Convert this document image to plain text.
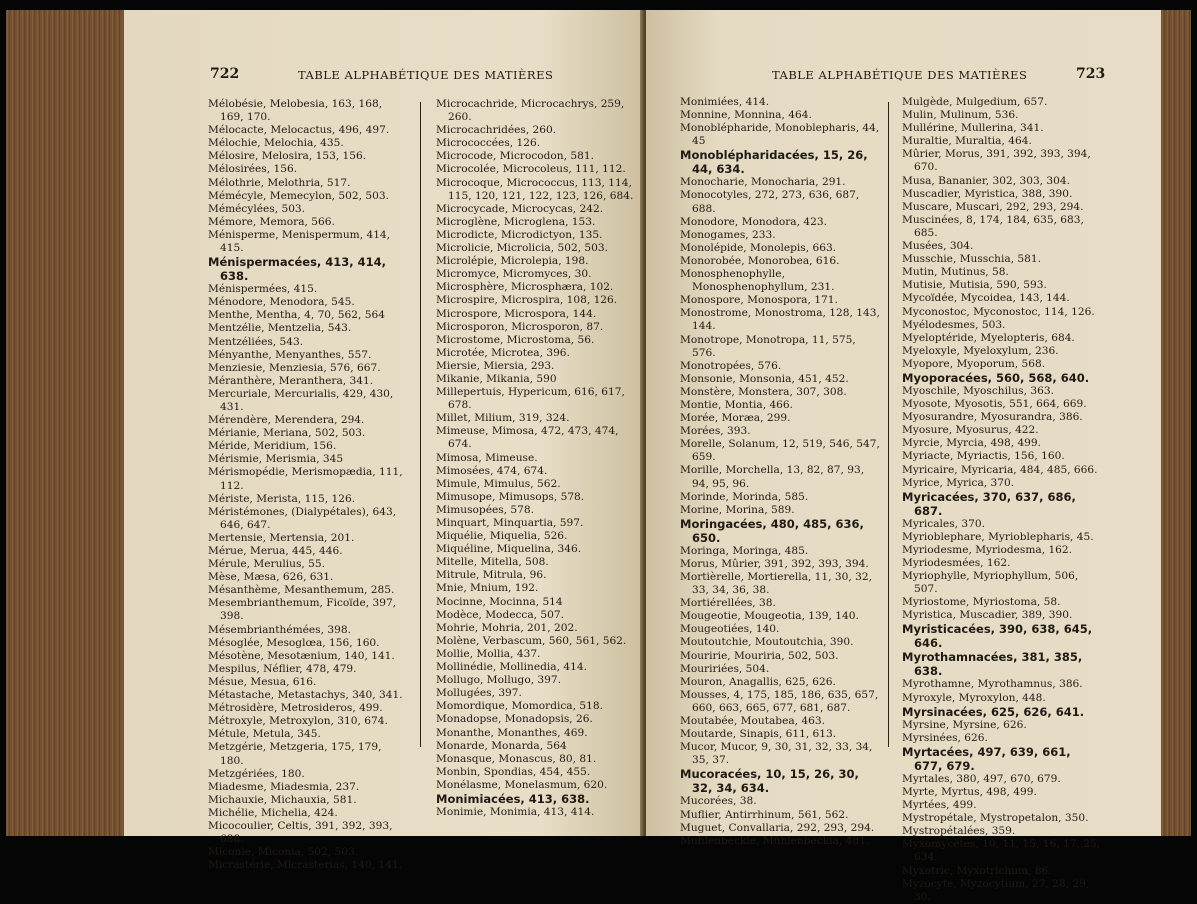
722	TABLE ALPHABÉTIQUE DES MATIÈRES
Mélobésie, Melobesia, 163, 168, 169, 170.
Mélocacte, Melocactus, 496, 497.
Mélochie, Melochia, 435.
Mélosire, Melosira, 153, 156.
Mélosirées, 156.
Mélothrie, Melothria, 517.
Mémécyle, Memecylon, 502, 503.
Mémécylées, 503.
Mémore, Memora, 566.
Ménisperme, Menispermum, 414, 415.
Ménispermacées, 413, 414, 638.
Ménispermées, 415.
Ménodore, Menodora, 545.
Menthe, Mentha, 4, 70, 562, 564
Mentzélie, Mentzelia, 543.
Mentzéliées, 543.
Ményanthe, Menyanthes, 557.
Menziesie, Menziesia, 576, 667.
Méranthère, Meranthera, 341.
Mercuriale, Mercurialis, 429, 430, 431.
Mérendère, Merendera, 294.
Mérianie, Meriana, 502, 503.
Méride, Meridium, 156.
Mérismie, Merismia, 345
Mérismopédie, Merismopædia, 111, 112.
Mériste, Merista, 115, 126.
Méristémones, (Dialypétales), 643, 646, 647.
Mertensie, Mertensia, 201.
Mérue, Merua, 445, 446.
Mérule, Merulius, 55.
Mèse, Mæsa, 626, 631.
Mésanthème, Mesanthemum, 285.
Mesembrianthemum, Ficoïde, 397, 398.
Mésembrianthémées, 398.
Mésoglée, Mesoglœa, 156, 160.
Mésotène, Mesotænium, 140, 141.
Mespilus, Néflier, 478, 479.
Mésue, Mesua, 616.
Métastache, Metastachys, 340, 341.
Métrosidère, Metrosideros, 499.
Métroxyle, Metroxylon, 310, 674.
Métule, Metula, 345.
Metzgérie, Metzgeria, 175, 179, 180.
Metzgériées, 180.
Miadesme, Miadesmia, 237.
Michauxie, Michauxia, 581.
Michélie, Michelia, 424.
Micocoulier, Celtis, 391, 392, 393, 688.
Miconie, Miconia, 502, 503.
Micrastérie, Micrasterias, 140, 141.
Microcachride, Microcachrys, 259, 260.
Microcachridées, 260.
Micrococcées, 126.
Microcode, Microcodon, 581.
Microcolée, Microcoleus, 111, 112.
Microcoque, Micrococcus, 113, 114, 115, 120, 121, 122, 123, 126, 684.
Microcycade, Microcycas, 242.
Microglène, Microglena, 153.
Microdicte, Microdictyon, 135.
Microlicie, Microlicia, 502, 503.
Microlépie, Microlepia, 198.
Micromyce, Micromyces, 30.
Microsphère, Microsphæra, 102.
Microspire, Microspira, 108, 126.
Microspore, Microspora, 144.
Microsporon, Microsporon, 87.
Microstome, Microstoma, 56.
Microtée, Microtea, 396.
Miersie, Miersia, 293.
Mikanie, Mikania, 590
Millepertuis, Hypericum, 616, 617, 678.
Millet, Milium, 319, 324.
Mimeuse, Mimosa, 472, 473, 474, 674.
Mimosa, Mimeuse.
Mimosées, 474, 674.
Mimule, Mimulus, 562.
Mimusope, Mimusops, 578.
Mimusopées, 578.
Minquart, Minquartia, 597.
Miquélie, Miquelia, 526.
Miquéline, Miquelina, 346.
Mitelle, Mitella, 508.
Mitrule, Mitrula, 96.
Mnie, Mnium, 192.
Mocinne, Mocinna, 514
Modèce, Modecca, 507.
Mohrie, Mohria, 201, 202.
Molène, Verbascum, 560, 561, 562.
Mollie, Mollia, 437.
Mollinédie, Mollinedia, 414.
Mollugo, Mollugo, 397.
Mollugées, 397.
Momordique, Momordica, 518.
Monadopse, Monadopsis, 26.
Monanthe, Monanthes, 469.
Monarde, Monarda, 564
Monasque, Monascus, 80, 81.
Monbin, Spondias, 454, 455.
Monélasme, Monelasmum, 620.
Monimiacées, 413, 638.
Monimie, Monimia, 413, 414.
TABLE ALPHABÉTIQUE DES MATIÈRES	723
Monimiées, 414.
Monnine, Monnina, 464.
Monoblépharide, Monoblepharis, 44, 45
Monoblépharidacées, 15, 26, 44, 634.
Monocharie, Monocharia, 291.
Monocotyles, 272, 273, 636, 687, 688.
Monodore, Monodora, 423.
Monogames, 233.
Monolépide, Monolepis, 663.
Monorobée, Monorobea, 616.
Monosphenophylle, Monosphenophyllum, 231.
Monospore, Monospora, 171.
Monostrome, Monostroma, 128, 143, 144.
Monotrope, Monotropa, 11, 575, 576.
Monotropées, 576.
Monsonie, Monsonia, 451, 452.
Monstère, Monstera, 307, 308.
Montie, Montia, 466.
Morée, Moræa, 299.
Morées, 393.
Morelle, Solanum, 12, 519, 546, 547, 659.
Morille, Morchella, 13, 82, 87, 93, 94, 95, 96.
Morinde, Morinda, 585.
Morine, Morina, 589.
Moringacées, 480, 485, 636, 650.
Moringa, Moringa, 485.
Morus, Mûrier, 391, 392, 393, 394.
Mortièrelle, Mortierella, 11, 30, 32, 33, 34, 36, 38.
Mortiérellées, 38.
Mougeotie, Mougeotia, 139, 140.
Mougeotiées, 140.
Moutoutchie, Moutoutchia, 390.
Mouririe, Mouriria, 502, 503.
Mouririées, 504.
Mouron, Anagallis, 625, 626.
Mousses, 4, 175, 185, 186, 635, 657, 660, 663, 665, 677, 681, 687.
Moutabée, Moutabea, 463.
Moutarde, Sinapis, 611, 613.
Mucor, Mucor, 9, 30, 31, 32, 33, 34, 35, 37.
Mucoracées, 10, 15, 26, 30, 32, 34, 634.
Mucorées, 38.
Muflier, Antirrhinum, 561, 562.
Muguet, Convallaria, 292, 293, 294.
Muhlenbeckie, Mühlenbeckia, 481.
Mulgède, Mulgedium, 657.
Mulin, Mulinum, 536.
Mullérine, Mullerina, 341.
Muraltie, Muraltia, 464.
Mûrier, Morus, 391, 392, 393, 394, 670.
Musa, Bananier, 302, 303, 304.
Muscadier, Myristica, 388, 390.
Muscare, Muscari, 292, 293, 294.
Muscinées, 8, 174, 184, 635, 683, 685.
Musées, 304.
Musschie, Musschia, 581.
Mutin, Mutinus, 58.
Mutisie, Mutisia, 590, 593.
Mycoïdée, Mycoidea, 143, 144.
Myconostoc, Myconostoc, 114, 126.
Myélodesmes, 503.
Myeloptéride, Myelopteris, 684.
Myeloxyle, Myeloxylum, 236.
Myopore, Myoporum, 568.
Myoporacées, 560, 568, 640.
Myoschile, Myoschilus, 363.
Myosote, Myosotis, 551, 664, 669.
Myosurandre, Myosurandra, 386.
Myosure, Myosurus, 422.
Myrcie, Myrcia, 498, 499.
Myriacte, Myriactis, 156, 160.
Myricaire, Myricaria, 484, 485, 666.
Myrice, Myrica, 370.
Myricacées, 370, 637, 686, 687.
Myricales, 370.
Myrioblephare, Myrioblepharis, 45.
Myriodesme, Myriodesma, 162.
Myriodesmées, 162.
Myriophylle, Myriophyllum, 506, 507.
Myriostome, Myriostoma, 58.
Myristica, Muscadier, 389, 390.
Myristicacées, 390, 638, 645, 646.
Myrothamnacées, 381, 385, 638.
Myrothamne, Myrothamnus, 386.
Myroxyle, Myroxylon, 448.
Myrsinacées, 625, 626, 641.
Myrsine, Myrsine, 626.
Myrsinées, 626.
Myrtacées, 497, 639, 661, 677, 679.
Myrtales, 380, 497, 670, 679.
Myrte, Myrtus, 498, 499.
Myrtées, 499.
Mystropétale, Mystropetalon, 350.
Mystropétalées, 359.
Myxomycètes, 10, 11, 15, 16, 17, 25, 634.
Myxotric, Myxotrichum, 86.
Myzocyte, Myzocytium, 27, 28, 29, 30.
